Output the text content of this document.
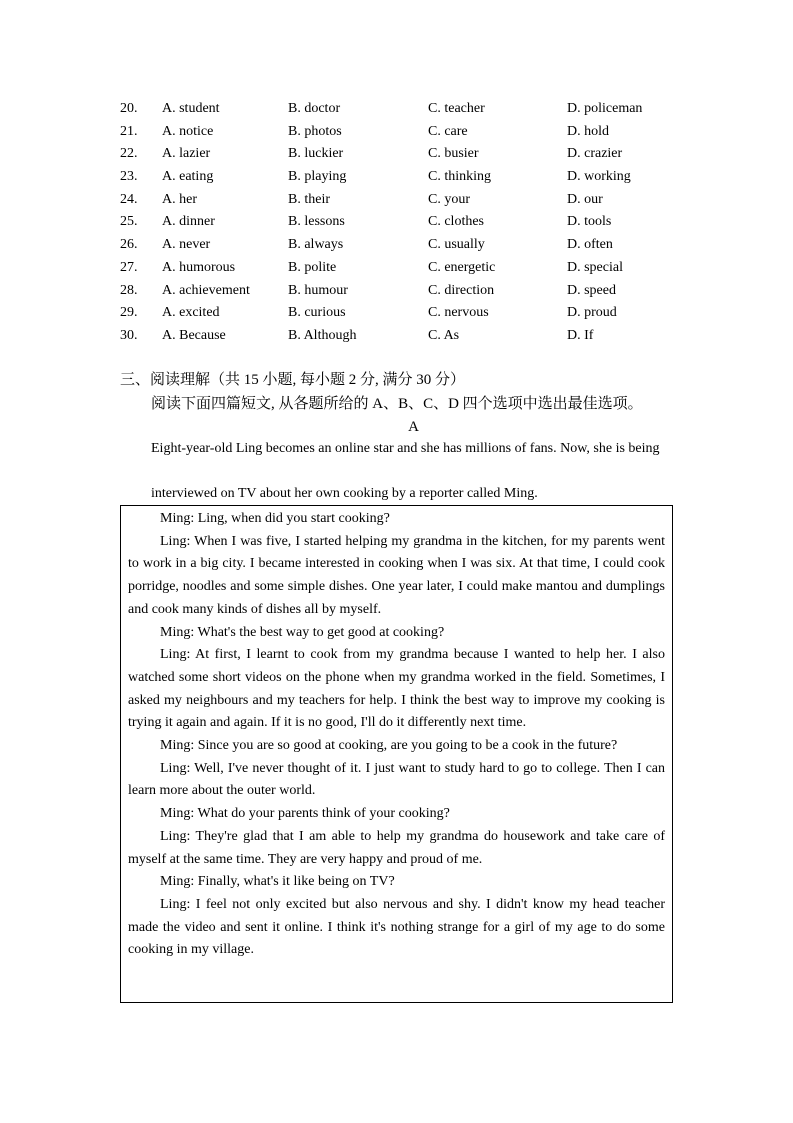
20. A. student	B. doctor	C. teacher	D. policeman
21. A. notice	B. photos	C. care	D. hold
22. A. lazier	B. luckier	C. busier	D. crazier
23. A. eating	B. playing	C. thinking	D. working
24. A. her	B. their	C. your	D. our
25. A. dinner	B. lessons	C. clothes	D. tools
26. A. never	B. always	C. usually	D. often
27. A. humorous	B. polite	C. energetic	D. special
28. A. achievement	B. humour	C. direction	D. speed
29. A. excited	B. curious	C. nervous	D. proud
30. A. Because	B. Although	C. As	D. If
三、阅读理解（共 15 小题, 每小题 2 分, 满分 30 分）
阅读下面四篇短文, 从各题所给的 A、B、C、D 四个选项中选出最佳选项。
A
Eight-year-old Ling becomes an online star and she has millions of fans. Now, she is being
interviewed on TV about her own cooking by a reporter called Ming.

Ming: Ling, when did you start cooking?

Ling: When I was five, I started helping my grandma in the kitchen, for my parents went to work in a big city. I became interested in cooking when I was six. At that time, I could cook porridge, noodles and some simple dishes. One year later, I could make mantou and dumplings and cook many kinds of dishes all by myself.

Ming: What's the best way to get good at cooking?

Ling: At first, I learnt to cook from my grandma because I wanted to help her. I also watched some short videos on the phone when my grandma worked in the field. Sometimes, I asked my neighbours and my teachers for help. I think the best way to improve my cooking is trying it again and again. If it is no good, I'll do it differently next time.

Ming: Since you are so good at cooking, are you going to be a cook in the future?

Ling: Well, I've never thought of it. I just want to study hard to go to college. Then I can learn more about the outer world.

Ming: What do your parents think of your cooking?

Ling: They're glad that I am able to help my grandma do housework and take care of myself at the same time. They are very happy and proud of me.

Ming: Finally, what's it like being on TV?

Ling: I feel not only excited but also nervous and shy. I didn't know my head teacher made the video and sent it online. I think it's nothing strange for a girl of my age to do some cooking in my village.
